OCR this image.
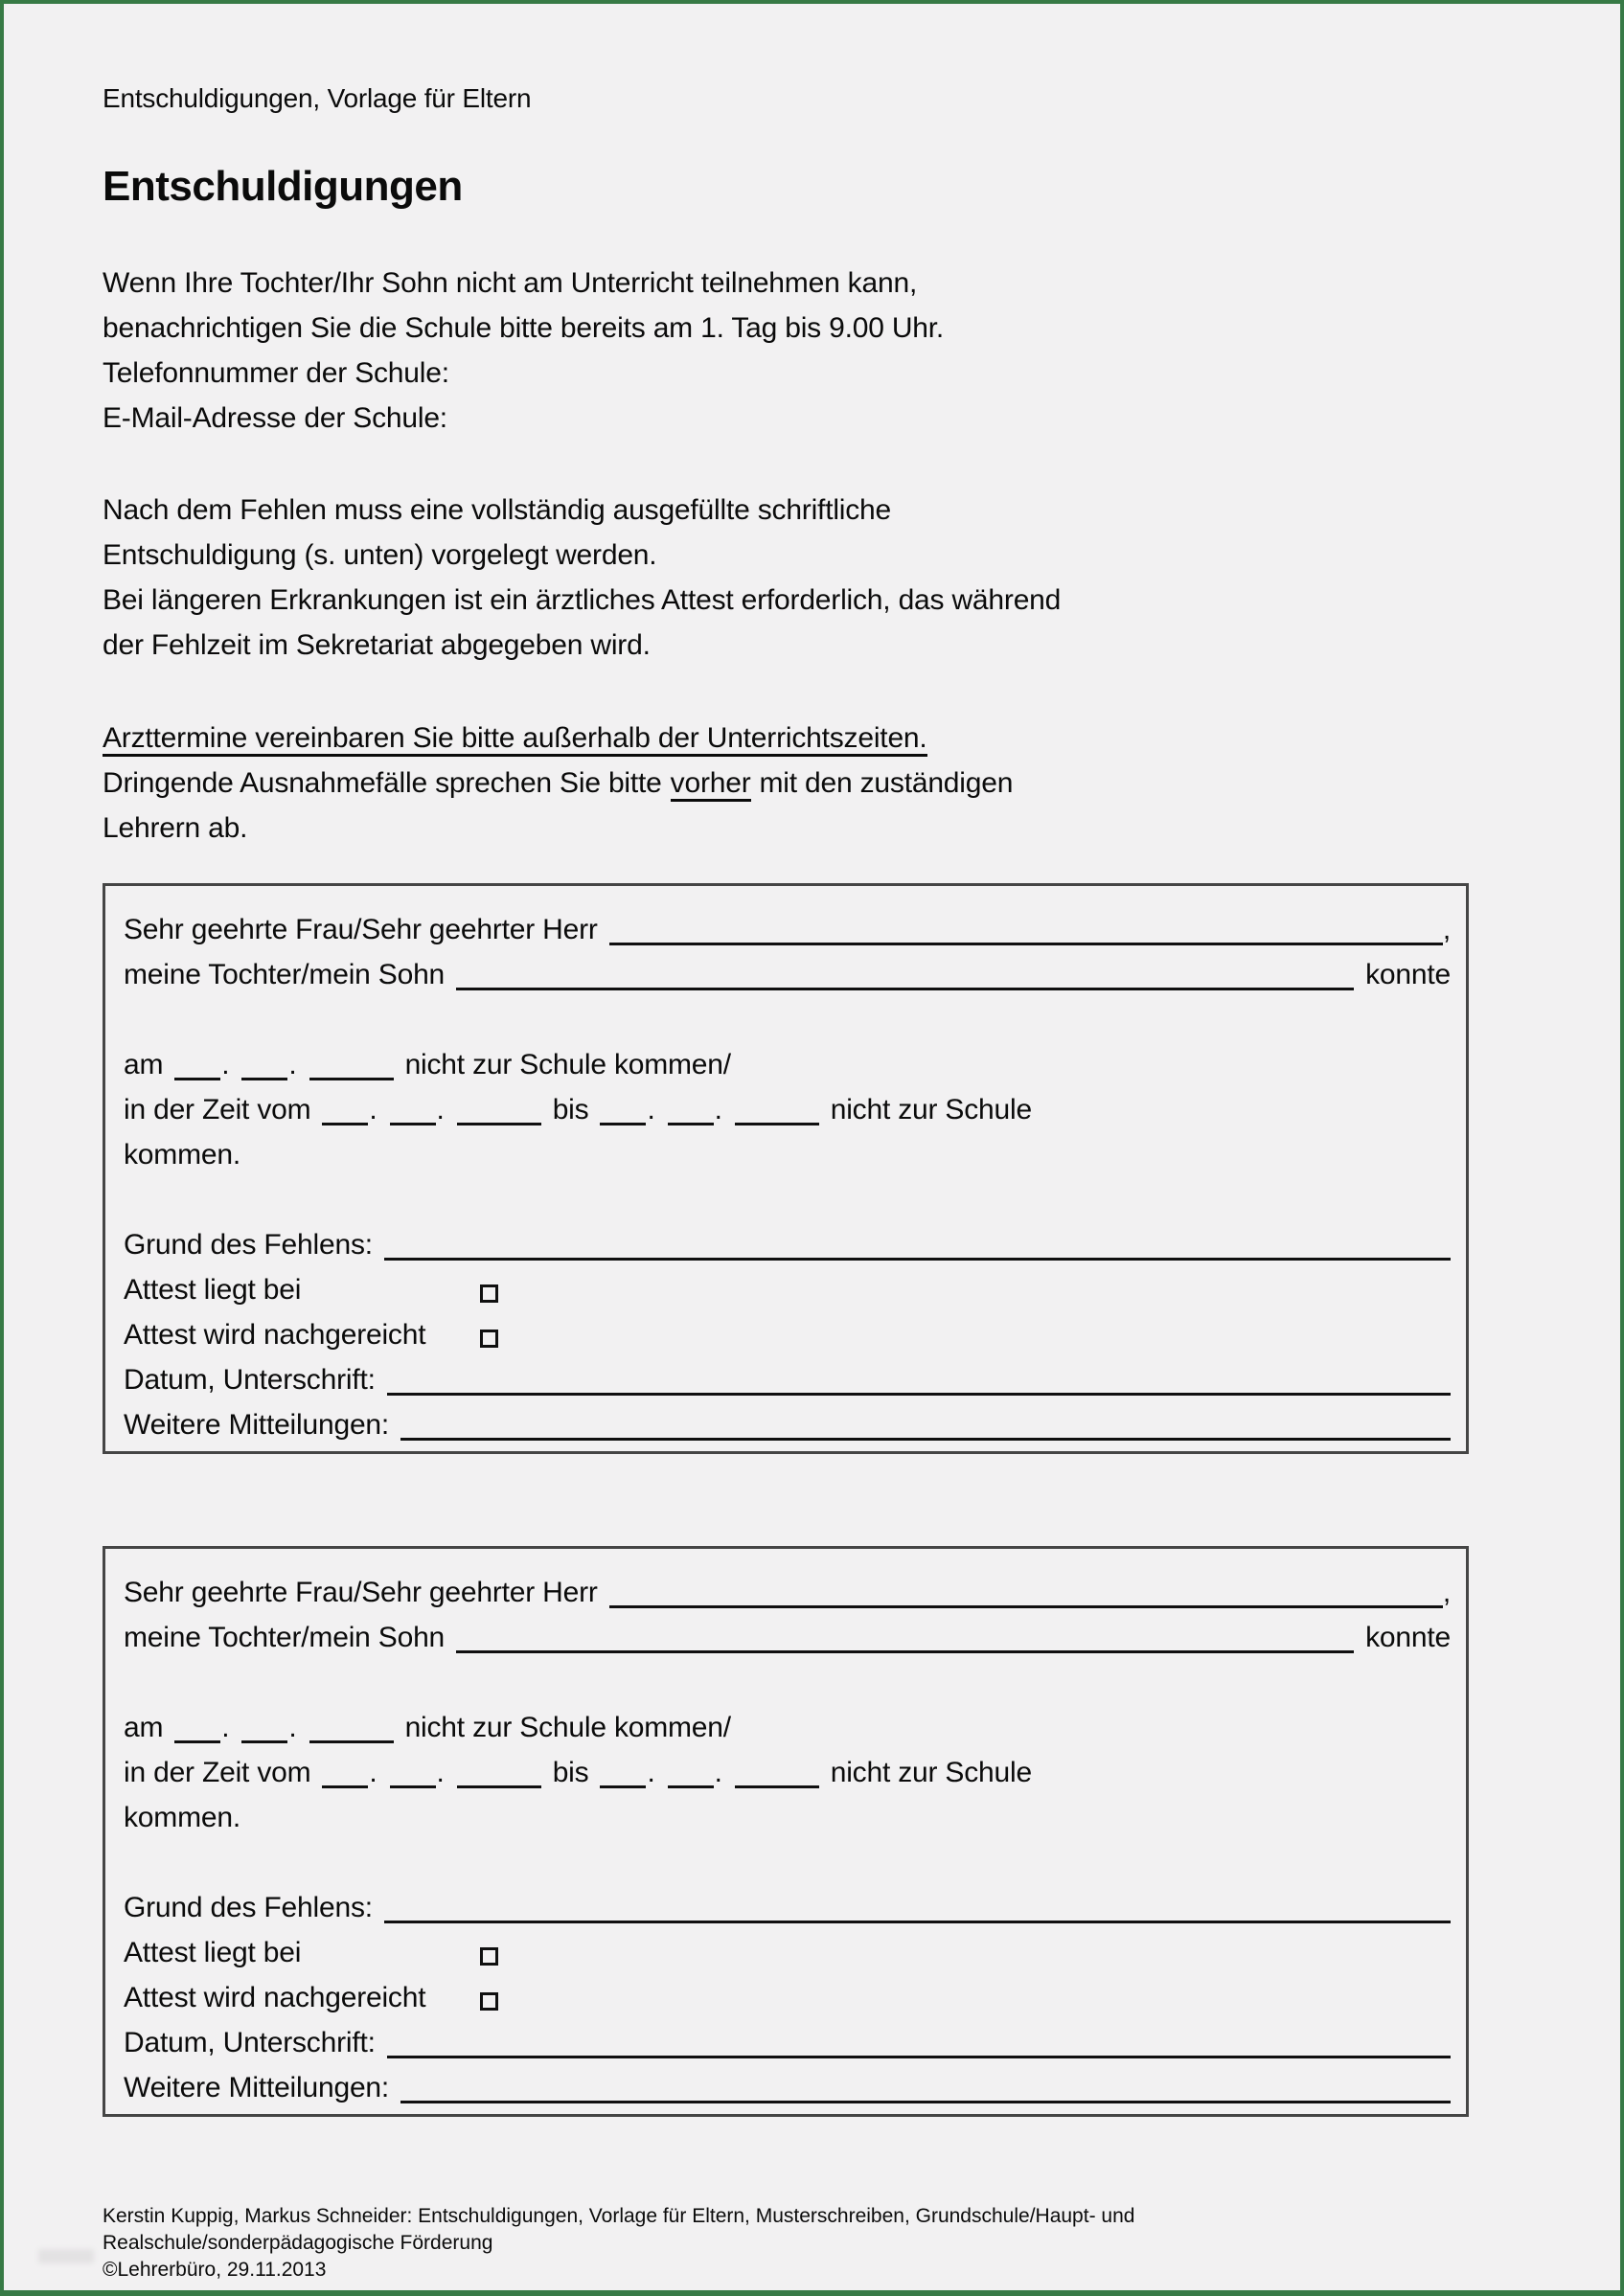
Entschuldigungen, Vorlage für Eltern
Entschuldigungen
Wenn Ihre Tochter/Ihr Sohn nicht am Unterricht teilnehmen kann,
benachrichtigen Sie die Schule bitte bereits am 1. Tag bis 9.00 Uhr.
Telefonnummer der Schule:
E-Mail-Adresse der Schule:
Nach dem Fehlen muss eine vollständig ausgefüllte schriftliche
Entschuldigung (s. unten) vorgelegt werden.
Bei längeren Erkrankungen ist ein ärztliches Attest erforderlich, das während
der Fehlzeit im Sekretariat abgegeben wird.
Arzttermine vereinbaren Sie bitte außerhalb der Unterrichtszeiten.
Dringende Ausnahmefälle sprechen Sie bitte vorher mit den zuständigen
Lehrern ab.
Sehr geehrte Frau/Sehr geehrter Herr	,
meine Tochter/mein Sohn	konnte
am . .	nicht zur Schule kommen/
in der Zeit vom . .	bis . .	nicht zur Schule
kommen.
Grund des Fehlens:
Attest liegt bei
Attest wird nachgereicht
Datum, Unterschrift:
Weitere Mitteilungen:
Sehr geehrte Frau/Sehr geehrter Herr	,
meine Tochter/mein Sohn	konnte
am . .	nicht zur Schule kommen/
in der Zeit vom . .	bis . .	nicht zur Schule
kommen.
Grund des Fehlens:
Attest liegt bei
Attest wird nachgereicht
Datum, Unterschrift:
Weitere Mitteilungen:
Kerstin Kuppig, Markus Schneider: Entschuldigungen, Vorlage für Eltern, Musterschreiben, Grundschule/Haupt- und
Realschule/sonderpädagogische Förderung
©Lehrerbüro, 29.11.2013
